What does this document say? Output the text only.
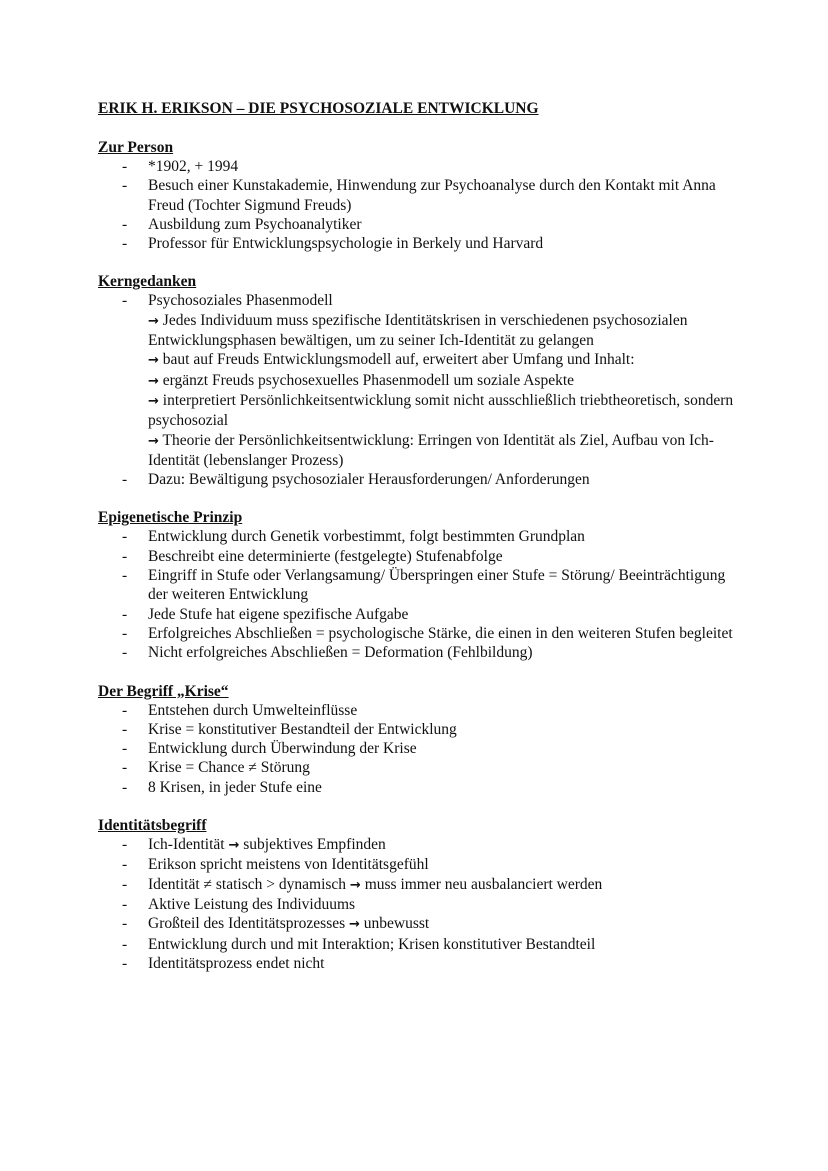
ERIK H. ERIKSON – DIE PSYCHOSOZIALE ENTWICKLUNG
Zur Person
- *1902, + 1994
- Besuch einer Kunstakademie, Hinwendung zur Psychoanalyse durch den Kontakt mit Anna Freud (Tochter Sigmund Freuds)
- Ausbildung zum Psychoanalytiker
- Professor für Entwicklungspsychologie in Berkely und Harvard
Kerngedanken
- Psychosoziales Phasenmodell
→ Jedes Individuum muss spezifische Identitätskrisen in verschiedenen psychosozialen Entwicklungsphasen bewältigen, um zu seiner Ich-Identität zu gelangen
→ baut auf Freuds Entwicklungsmodell auf, erweitert aber Umfang und Inhalt:
→ ergänzt Freuds psychosexuelles Phasenmodell um soziale Aspekte
→ interpretiert Persönlichkeitsentwicklung somit nicht ausschließlich triebtheoretisch, sondern psychosozial
→ Theorie der Persönlichkeitsentwicklung: Erringen von Identität als Ziel, Aufbau von Ich-Identität (lebenslanger Prozess)
- Dazu: Bewältigung psychosozialer Herausforderungen/ Anforderungen
Epigenetische Prinzip
- Entwicklung durch Genetik vorbestimmt, folgt bestimmten Grundplan
- Beschreibt eine determinierte (festgelegte) Stufenabfolge
- Eingriff in Stufe oder Verlangsamung/ Überspringen einer Stufe = Störung/ Beeinträchtigung der weiteren Entwicklung
- Jede Stufe hat eigene spezifische Aufgabe
- Erfolgreiches Abschließen = psychologische Stärke, die einen in den weiteren Stufen begleitet
- Nicht erfolgreiches Abschließen = Deformation (Fehlbildung)
Der Begriff „Krise“
- Entstehen durch Umwelteinflüsse
- Krise = konstitutiver Bestandteil der Entwicklung
- Entwicklung durch Überwindung der Krise
- Krise = Chance ≠ Störung
- 8 Krisen, in jeder Stufe eine
Identitätsbegriff
- Ich-Identität → subjektives Empfinden
- Erikson spricht meistens von Identitätsgefühl
- Identität ≠ statisch > dynamisch → muss immer neu ausbalanciert werden
- Aktive Leistung des Individuums
- Großteil des Identitätsprozesses → unbewusst
- Entwicklung durch und mit Interaktion; Krisen konstitutiver Bestandteil
- Identitätsprozess endet nicht
